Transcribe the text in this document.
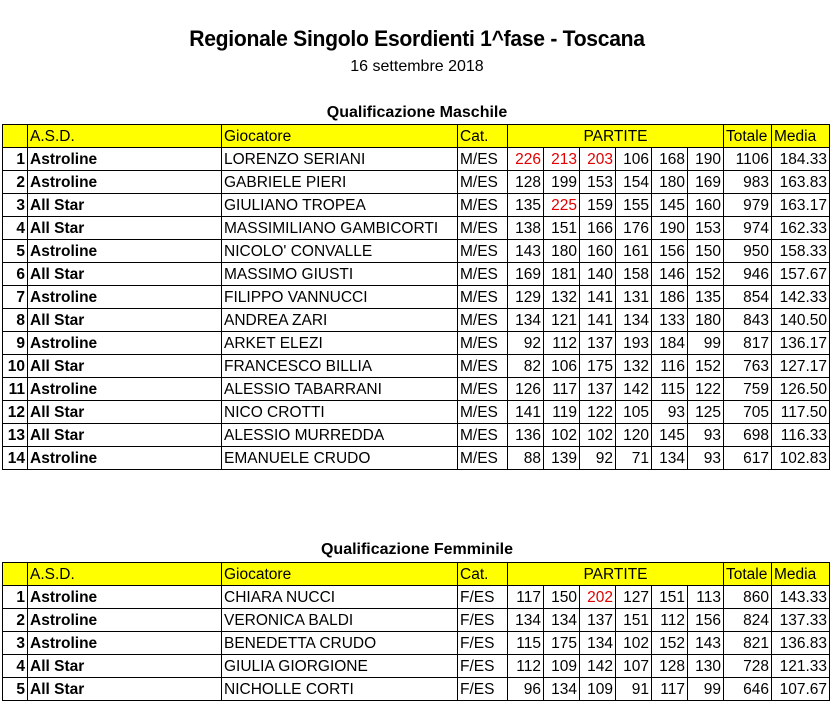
Regionale Singolo Esordienti 1^fase - Toscana
16 settembre 2018
Qualificazione Maschile
	A.S.D.	Giocatore	Cat.	PARTITE						Totale	Media
1	Astroline	LORENZO SERIANI	M/ES	226	213	203	106	168	190	1106	184.33
2	Astroline	GABRIELE PIERI	M/ES	128	199	153	154	180	169	983	163.83
3	All Star	GIULIANO TROPEA	M/ES	135	225	159	155	145	160	979	163.17
4	All Star	MASSIMILIANO GAMBICORTI	M/ES	138	151	166	176	190	153	974	162.33
5	Astroline	NICOLO' CONVALLE	M/ES	143	180	160	161	156	150	950	158.33
6	All Star	MASSIMO GIUSTI	M/ES	169	181	140	158	146	152	946	157.67
7	Astroline	FILIPPO VANNUCCI	M/ES	129	132	141	131	186	135	854	142.33
8	All Star	ANDREA ZARI	M/ES	134	121	141	134	133	180	843	140.50
9	Astroline	ARKET ELEZI	M/ES	92	112	137	193	184	99	817	136.17
10	All Star	FRANCESCO BILLIA	M/ES	82	106	175	132	116	152	763	127.17
11	Astroline	ALESSIO TABARRANI	M/ES	126	117	137	142	115	122	759	126.50
12	All Star	NICO CROTTI	M/ES	141	119	122	105	93	125	705	117.50
13	All Star	ALESSIO MURREDDA	M/ES	136	102	102	120	145	93	698	116.33
14	Astroline	EMANUELE CRUDO	M/ES	88	139	92	71	134	93	617	102.83
Qualificazione Femminile
	A.S.D.	Giocatore	Cat.	PARTITE						Totale	Media
1	Astroline	CHIARA NUCCI	F/ES	117	150	202	127	151	113	860	143.33
2	Astroline	VERONICA BALDI	F/ES	134	134	137	151	112	156	824	137.33
3	Astroline	BENEDETTA CRUDO	F/ES	115	175	134	102	152	143	821	136.83
4	All Star	GIULIA GIORGIONE	F/ES	112	109	142	107	128	130	728	121.33
5	All Star	NICHOLLE CORTI	F/ES	96	134	109	91	117	99	646	107.67
